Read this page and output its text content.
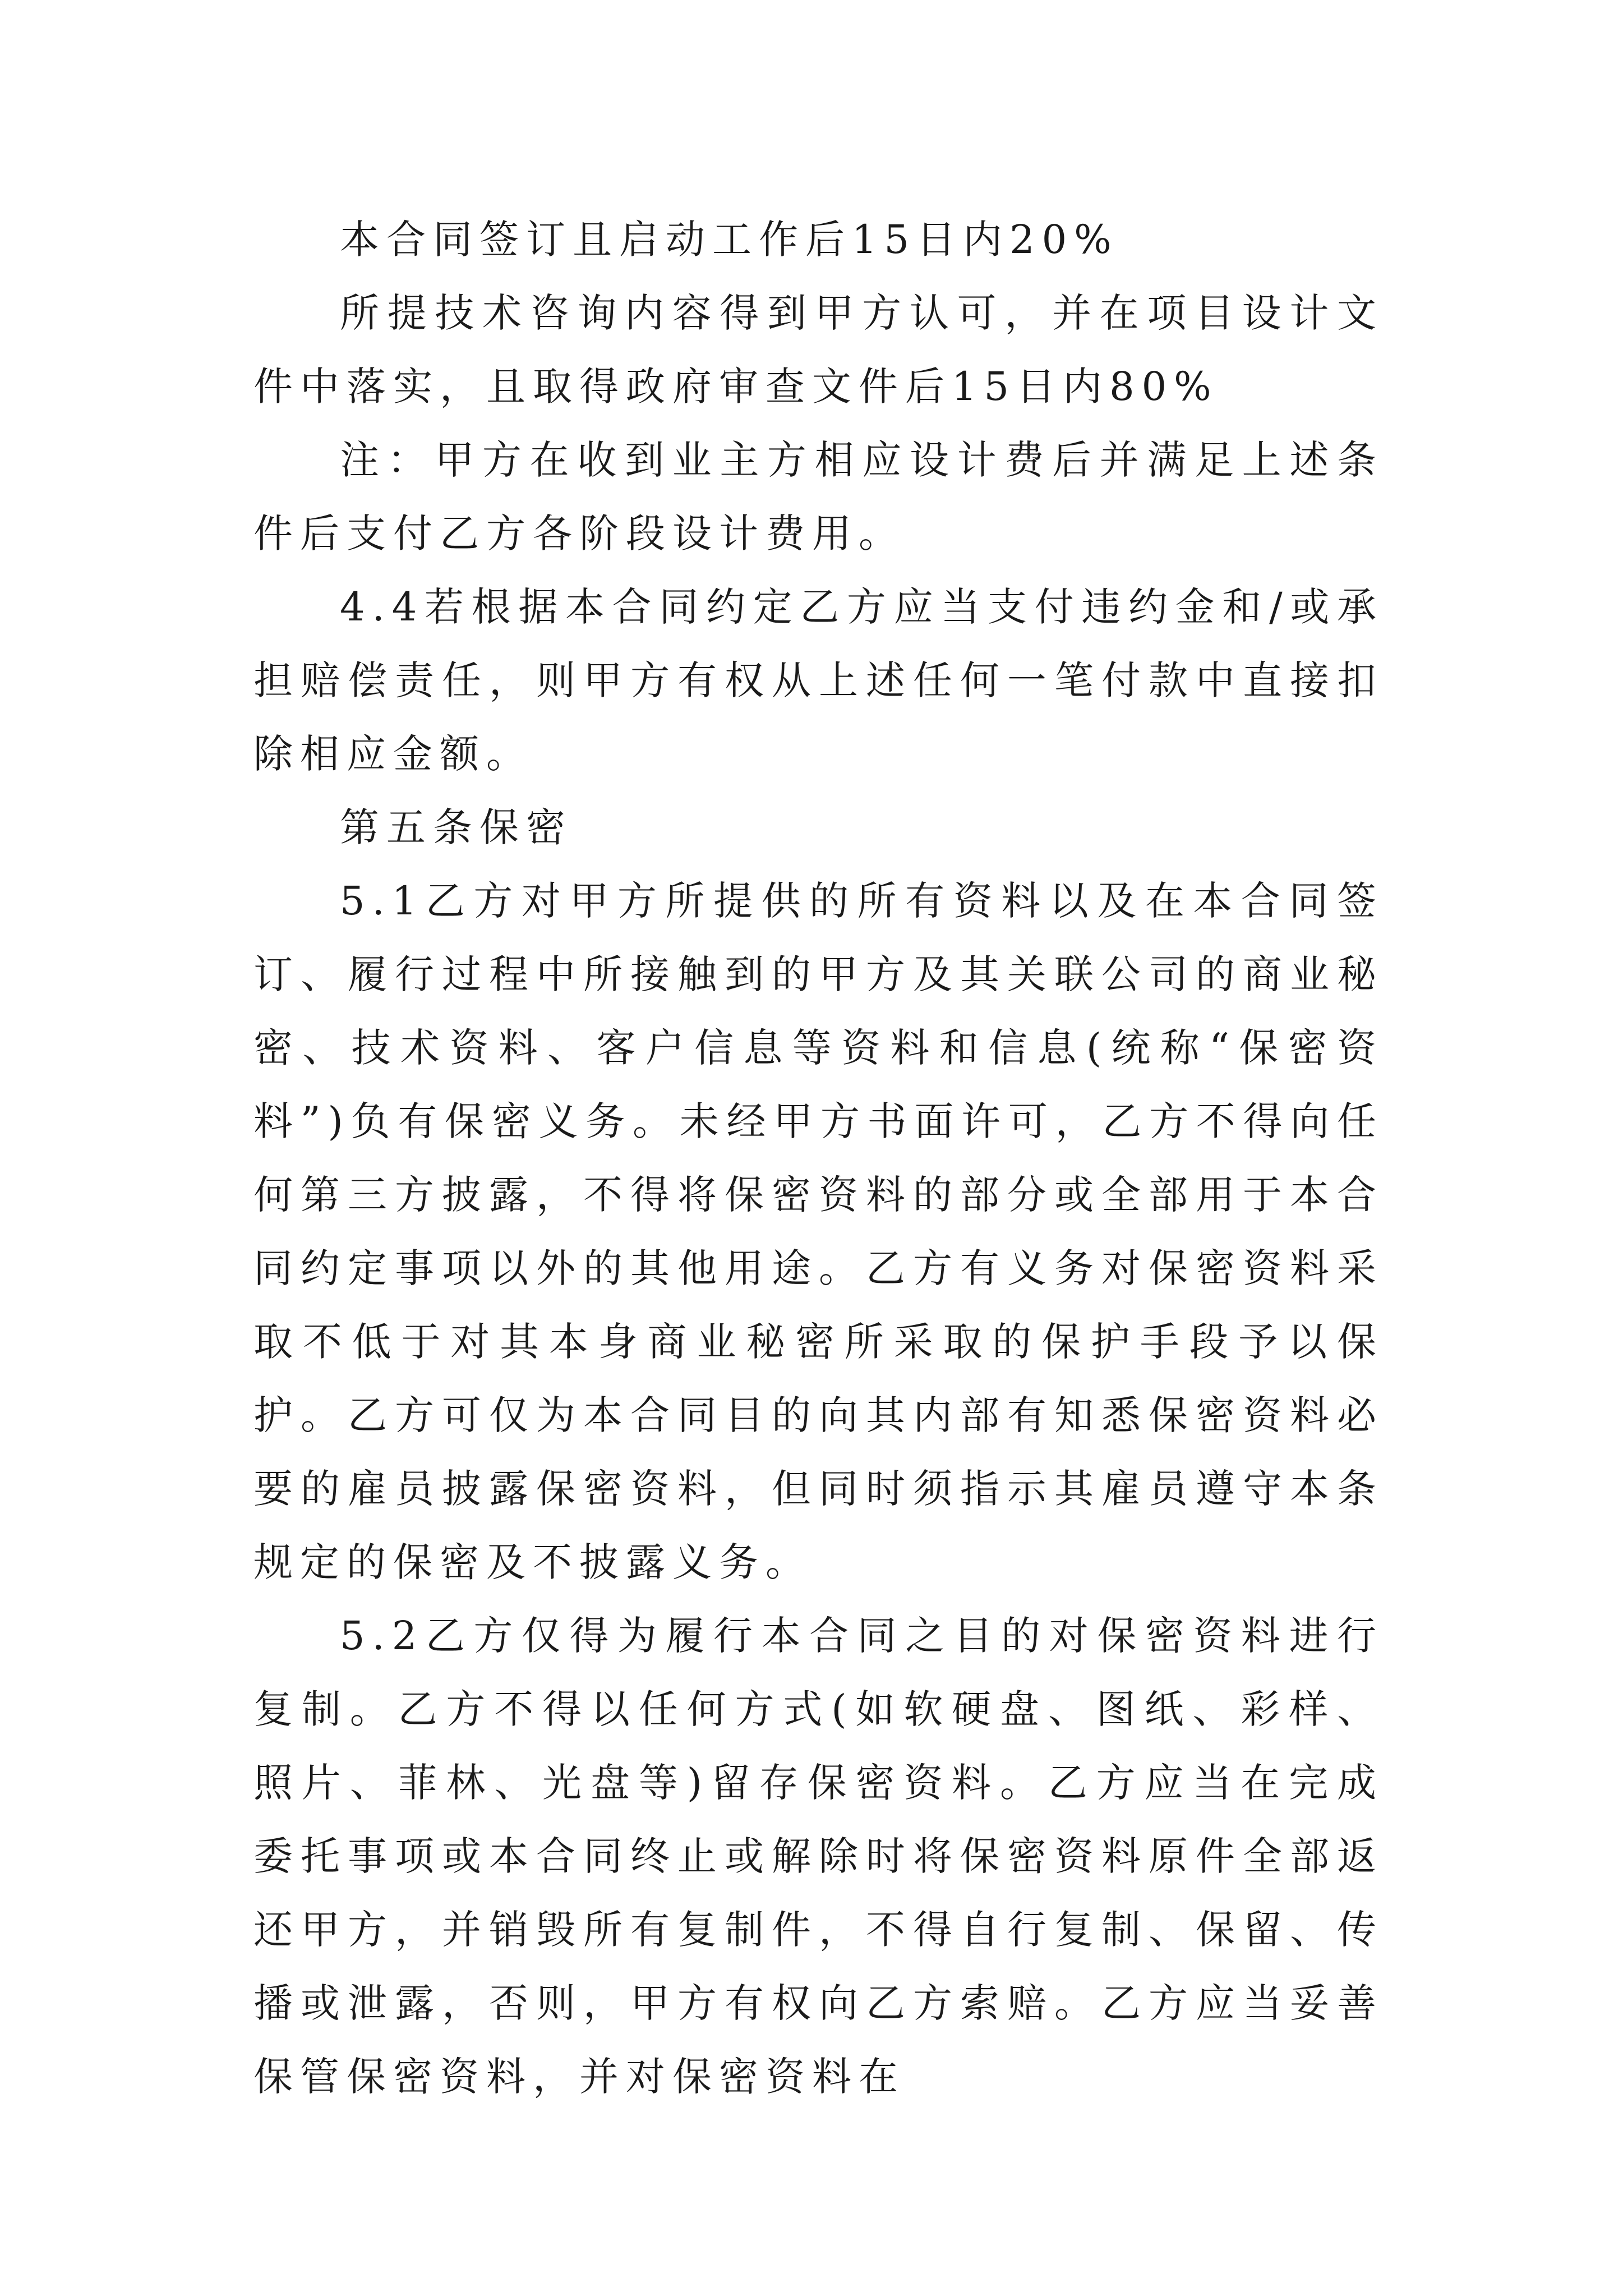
本合同签订且启动工作后15日内20%

所提技术咨询内容得到甲方认可，并在项目设计文件中落实，且取得政府审查文件后15日内80%

注：甲方在收到业主方相应设计费后并满足上述条件后支付乙方各阶段设计费用。

4.4若根据本合同约定乙方应当支付违约金和/或承担赔偿责任，则甲方有权从上述任何一笔付款中直接扣除相应金额。

第五条保密

5.1乙方对甲方所提供的所有资料以及在本合同签订、履行过程中所接触到的甲方及其关联公司的商业秘密、技术资料、客户信息等资料和信息(统称“保密资料”)负有保密义务。未经甲方书面许可，乙方不得向任何第三方披露，不得将保密资料的部分或全部用于本合同约定事项以外的其他用途。乙方有义务对保密资料采取不低于对其本身商业秘密所采取的保护手段予以保护。乙方可仅为本合同目的向其内部有知悉保密资料必要的雇员披露保密资料，但同时须指示其雇员遵守本条规定的保密及不披露义务。

5.2乙方仅得为履行本合同之目的对保密资料进行复制。乙方不得以任何方式(如软硬盘、图纸、彩样、照片、菲林、光盘等)留存保密资料。乙方应当在完成委托事项或本合同终止或解除时将保密资料原件全部返还甲方，并销毁所有复制件，不得自行复制、保留、传播或泄露，否则，甲方有权向乙方索赔。乙方应当妥善保管保密资料，并对保密资料在
